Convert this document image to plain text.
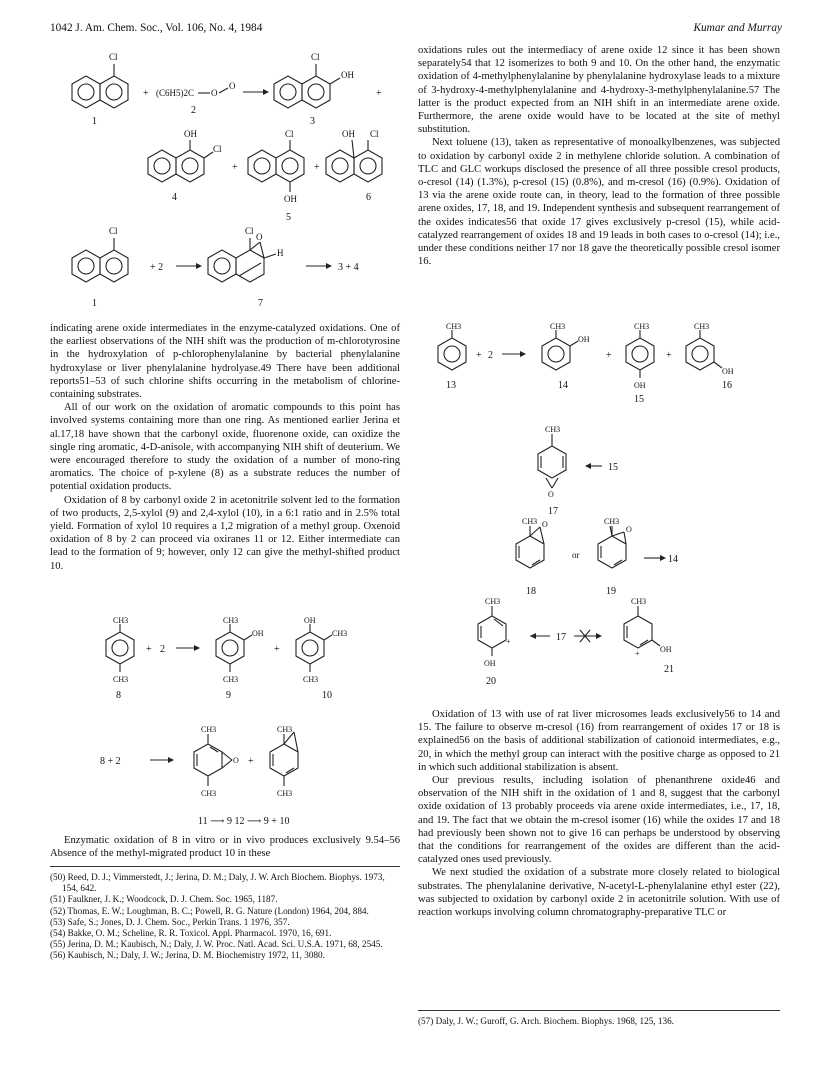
1042 J. Am. Chem. Soc., Vol. 106, No. 4, 1984	Kumar and Murray
Cl
1
+ (C6H5)2C O
O
2
Cl
OH
3
+
OH
Cl
4
+
Cl
OH
5
+
OH Cl
6
Cl
1
+ 2
Cl
O
H
7
3 + 4

indicating arene oxide intermediates in the enzyme-catalyzed oxidations. One of the earliest observations of the NIH shift was the production of m-chlorotyrosine in the hydroxylation of p-chlorophenylalanine by bacterial phenylalanine hydroxylase or liver phenylalanine hydrolyase.49 There have been additional reports51–53 of such chlorine shifts occurring in the metabolism of chlorine-containing substrates.

All of our work on the oxidation of aromatic compounds to this point has involved systems containing more than one ring. As mentioned earlier Jerina et al.17,18 have shown that the carbonyl oxide, fluorenone oxide, can oxidize the single ring aromatic, 4-D-anisole, with accompanying NIH shift of deuterium. We were encouraged therefore to study the oxidation of a number of mono-ring aromatics. The choice of p-xylene (8) as a substrate reduces the number of potential oxidation products.

Oxidation of 8 by carbonyl oxide 2 in acetonitrile solvent led to the formation of two products, 2,5-xylol (9) and 2,4-xylol (10), in a 6:1 ratio and in 2.5% total yield. Formation of xylol 10 requires a 1,2 migration of a methyl group. Oxenoid oxidation of 8 by 2 can proceed via oxiranes 11 or 12. Either intermediate can lead to the formation of 9; however, only 12 can give the methyl-shifted product 10.

CH3
CH3
8
+ 2
CH3
OH
CH3
9
+
OH
CH3
CH3
10
8 + 2
CH3
O
CH3
+
CH3
CH3
11 ⟶ 9 12 ⟶ 9 + 10

Enzymatic oxidation of 8 in vitro or in vivo produces exclusively 9.54–56 Absence of the methyl-migrated product 10 in these

(50) Reed, D. J.; Vimmerstedt, J.; Jerina, D. M.; Daly, J. W. Arch Biochem. Biophys. 1973, 154, 642.
(51) Faulkner, J. K.; Woodcock, D. J. Chem. Soc. 1965, 1187.
(52) Thomas, E. W.; Loughman, B. C.; Powell, R. G. Nature (London) 1964, 204, 884.
(53) Safe, S.; Jones, D. J. Chem. Soc., Perkin Trans. 1 1976, 357.
(54) Bakke, O. M.; Scheline, R. R. Toxicol. Appl. Pharmacol. 1970, 16, 691.
(55) Jerina, D. M.; Kaubisch, N.; Daly, J. W. Proc. Natl. Acad. Sci. U.S.A. 1971, 68, 2545.
(56) Kaubisch, N.; Daly, J. W.; Jerina, D. M. Biochemistry 1972, 11, 3080.

oxidations rules out the intermediacy of arene oxide 12 since it has been shown separately54 that 12 isomerizes to both 9 and 10. On the other hand, the enzymatic oxidation of 4-methylphenylalanine by phenylalanine hydroxylase leads to a mixture of 3-hydroxy-4-methylphenylalanine and 4-hydroxy-3-methylphenylalanine.57 The latter is the product expected from an NIH shift in an intermediate arene oxide. Furthermore, the arene oxide would have to be located at the site of methyl substitution.

Next toluene (13), taken as representative of monoalkylbenzenes, was subjected to oxidation by carbonyl oxide 2 in methylene chloride solution. A combination of TLC and GLC workups disclosed the presence of all three possible cresol products, o-cresol (14) (1.3%), p-cresol (15) (0.8%), and m-cresol (16) (0.9%). Oxidation of 13 via the arene oxide route can, in theory, lead to the formation of three possible arene oxides, 17, 18, and 19. Independent synthesis and subsequent rearrangement of the oxides indicates56 that oxide 17 gives exclusively p-cresol (15), while acid-catalyzed rearrangement of oxides 18 and 19 leads in both cases to o-cresol (14); i.e., under these conditions neither 17 nor 18 gave the theoretically possible cresol isomer 16.

CH3
13
+ 2
CH3
OH
14
+
CH3
OH
15
+
CH3
OH
16
CH3
O
15
17
CH3 O
18
or
CH3
O
19
14
CH3
+
OH
20
17
CH3
+	OH
21

Oxidation of 13 with use of rat liver microsomes leads exclusively56 to 14 and 15. The failure to observe m-cresol (16) from rearrangement of oxides 17 or 18 is explained56 on the basis of additional stabilization of cationoid intermediates, e.g., 20, in which the methyl group can interact with the positive charge as opposed to 21 in which such additional stabilization is absent.

Our previous results, including isolation of phenanthrene oxide46 and observation of the NIH shift in the oxidation of 1 and 8, suggest that the carbonyl oxide oxidation of 13 probably proceeds via arene oxide intermediates, i.e., 17, 18, and 19. The fact that we obtain the m-cresol isomer (16) while the oxides 17 and 18 had previously been shown not to give 16 can perhaps be understood by observing that the conditions for rearrangement of the oxides are different than the acid-catalyzed ones used previously.

We next studied the oxidation of a substrate more closely related to biological substrates. The phenylalanine derivative, N-acetyl-L-phenylalanine ethyl ester (22), was subjected to oxidation by carbonyl oxide 2 in acetonitrile solution. With use of reaction workups involving column chromatography-preparative TLC or

(57) Daly, J. W.; Guroff, G. Arch. Biochem. Biophys. 1968, 125, 136.
